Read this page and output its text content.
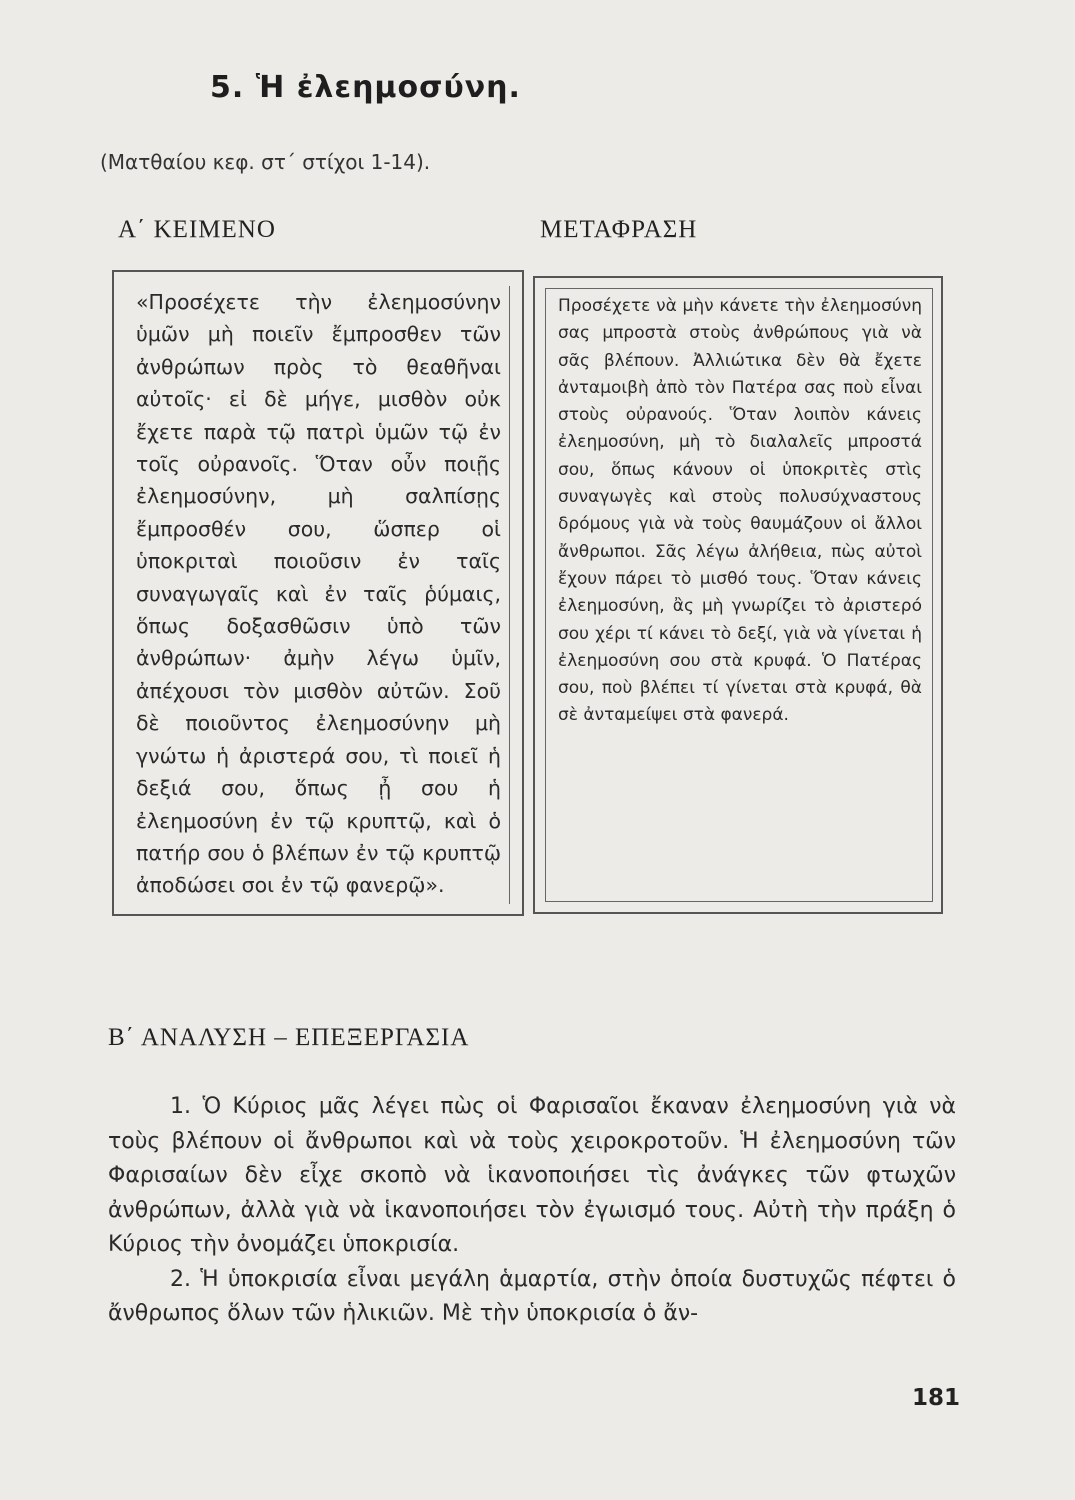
5. Ἡ ἐλεημοσύνη.
(Ματθαίου κεφ. στ΄ στίχοι 1-14).
Α΄ ΚΕΙΜΕΝΟ	ΜΕΤΑΦΡΑΣΗ

«Προσέχετε τὴν ἐλεημοσύνην ὑμῶν μὴ ποιεῖν ἔμπροσθεν τῶν ἀνθρώπων πρὸς τὸ θεαθῆναι αὐτοῖς· εἰ δὲ μήγε, μισθὸν οὐκ ἔχετε παρὰ τῷ πατρὶ ὑμῶν τῷ ἐν τοῖς οὐρανοῖς. Ὅταν οὖν ποιῇς ἐλεημοσύνην, μὴ σαλπίσῃς ἔμπροσθέν σου, ὥσπερ οἱ ὑποκριταὶ ποιοῦσιν ἐν ταῖς συναγωγαῖς καὶ ἐν ταῖς ῥύμαις, ὅπως δοξασθῶσιν ὑπὸ τῶν ἀνθρώπων· ἀμὴν λέγω ὑμῖν, ἀπέχουσι τὸν μισθὸν αὐτῶν. Σοῦ δὲ ποιοῦντος ἐλεημοσύνην μὴ γνώτω ἡ ἀριστερά σου, τὶ ποιεῖ ἡ δεξιά σου, ὅπως ᾖ σου ἡ ἐλεημοσύνη ἐν τῷ κρυπτῷ, καὶ ὁ πατήρ σου ὁ βλέπων ἐν τῷ κρυπτῷ ἀποδώσει σοι ἐν τῷ φανερῷ».

Προσέχετε νὰ μὴν κάνετε τὴν ἐλεημοσύνη σας μπροστὰ στοὺς ἀνθρώπους γιὰ νὰ σᾶς βλέπουν. Ἀλλιώτικα δὲν θὰ ἔχετε ἀνταμοιβὴ ἀπὸ τὸν Πατέρα σας ποὺ εἶναι στοὺς οὐρανούς. Ὅταν λοιπὸν κάνεις ἐλεημοσύνη, μὴ τὸ διαλαλεῖς μπροστά σου, ὅπως κάνουν οἱ ὑποκριτὲς στὶς συναγωγὲς καὶ στοὺς πολυσύχναστους δρόμους γιὰ νὰ τοὺς θαυμάζουν οἱ ἄλλοι ἄνθρωποι. Σᾶς λέγω ἀλήθεια, πὼς αὐτοὶ ἔχουν πάρει τὸ μισθό τους. Ὅταν κάνεις ἐλεημοσύνη, ἂς μὴ γνωρίζει τὸ ἀριστερό σου χέρι τί κάνει τὸ δεξί, γιὰ νὰ γίνεται ἡ ἐλεημοσύνη σου στὰ κρυφά. Ὁ Πατέρας σου, ποὺ βλέπει τί γίνεται στὰ κρυφά, θὰ σὲ ἀνταμείψει στὰ φανερά.

Β΄ ΑΝΑΛΥΣΗ – ΕΠΕΞΕΡΓΑΣΙΑ

1. Ὁ Κύριος μᾶς λέγει πὼς οἱ Φαρισαῖοι ἔκαναν ἐλεημοσύνη γιὰ νὰ τοὺς βλέπουν οἱ ἄνθρωποι καὶ νὰ τοὺς χειροκροτοῦν. Ἡ ἐλεημοσύνη τῶν Φαρισαίων δὲν εἶχε σκοπὸ νὰ ἱκανοποιήσει τὶς ἀνάγκες τῶν φτωχῶν ἀνθρώπων, ἀλλὰ γιὰ νὰ ἱκανοποιήσει τὸν ἐγωισμό τους. Αὐτὴ τὴν πράξη ὁ Κύριος τὴν ὀνομάζει ὑποκρισία.

2. Ἡ ὑποκρισία εἶναι μεγάλη ἁμαρτία, στὴν ὁποία δυστυχῶς πέφτει ὁ ἄνθρωπος ὅλων τῶν ἡλικιῶν. Μὲ τὴν ὑποκρισία ὁ ἄν-

181
